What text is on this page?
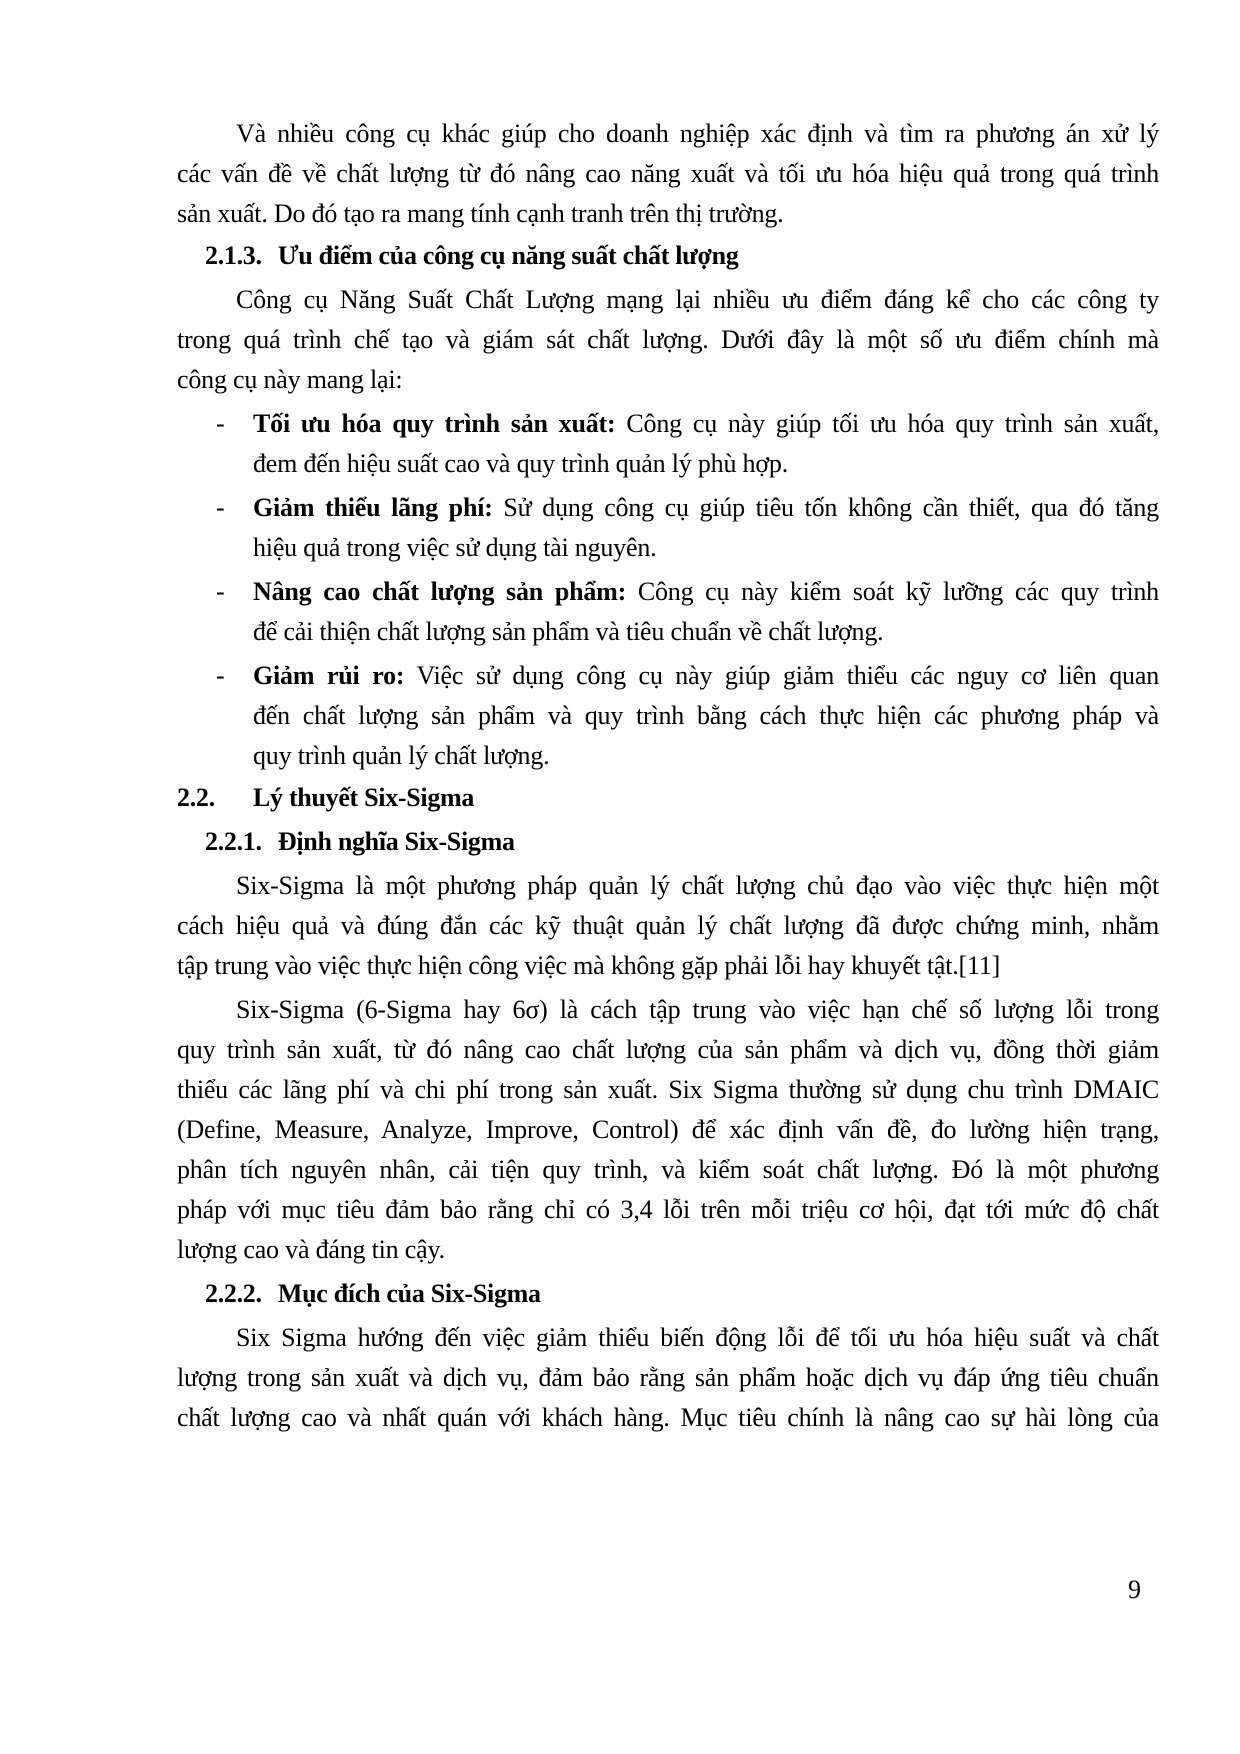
Và nhiều công cụ khác giúp cho doanh nghiệp xác định và tìm ra phương án xử lý
các vấn đề về chất lượng từ đó nâng cao năng xuất và tối ưu hóa hiệu quả trong quá trình
sản xuất. Do đó tạo ra mang tính cạnh tranh trên thị trường.
2.1.3. Ưu điểm của công cụ năng suất chất lượng
Công cụ Năng Suất Chất Lượng mạng lại nhiều ưu điểm đáng kể cho các công ty
trong quá trình chế tạo và giám sát chất lượng. Dưới đây là một số ưu điểm chính mà
công cụ này mang lại:
- Tối ưu hóa quy trình sản xuất: Công cụ này giúp tối ưu hóa quy trình sản xuất,
đem đến hiệu suất cao và quy trình quản lý phù hợp.
- Giảm thiểu lãng phí: Sử dụng công cụ giúp tiêu tốn không cần thiết, qua đó tăng
hiệu quả trong việc sử dụng tài nguyên.
- Nâng cao chất lượng sản phẩm: Công cụ này kiểm soát kỹ lưỡng các quy trình
để cải thiện chất lượng sản phẩm và tiêu chuẩn về chất lượng.
- Giảm rủi ro: Việc sử dụng công cụ này giúp giảm thiểu các nguy cơ liên quan
đến chất lượng sản phẩm và quy trình bằng cách thực hiện các phương pháp và
quy trình quản lý chất lượng.
2.2. Lý thuyết Six-Sigma
2.2.1. Định nghĩa Six-Sigma
Six-Sigma là một phương pháp quản lý chất lượng chủ đạo vào việc thực hiện một
cách hiệu quả và đúng đắn các kỹ thuật quản lý chất lượng đã được chứng minh, nhằm
tập trung vào việc thực hiện công việc mà không gặp phải lỗi hay khuyết tật.[11]
Six-Sigma (6-Sigma hay 6σ) là cách tập trung vào việc hạn chế số lượng lỗi trong
quy trình sản xuất, từ đó nâng cao chất lượng của sản phẩm và dịch vụ, đồng thời giảm
thiểu các lãng phí và chi phí trong sản xuất. Six Sigma thường sử dụng chu trình DMAIC
(Define, Measure, Analyze, Improve, Control) để xác định vấn đề, đo lường hiện trạng,
phân tích nguyên nhân, cải tiện quy trình, và kiểm soát chất lượng. Đó là một phương
pháp với mục tiêu đảm bảo rằng chỉ có 3,4 lỗi trên mỗi triệu cơ hội, đạt tới mức độ chất
lượng cao và đáng tin cậy.
2.2.2. Mục đích của Six-Sigma
Six Sigma hướng đến việc giảm thiểu biến động lỗi để tối ưu hóa hiệu suất và chất
lượng trong sản xuất và dịch vụ, đảm bảo rằng sản phẩm hoặc dịch vụ đáp ứng tiêu chuẩn
chất lượng cao và nhất quán với khách hàng. Mục tiêu chính là nâng cao sự hài lòng của
9
